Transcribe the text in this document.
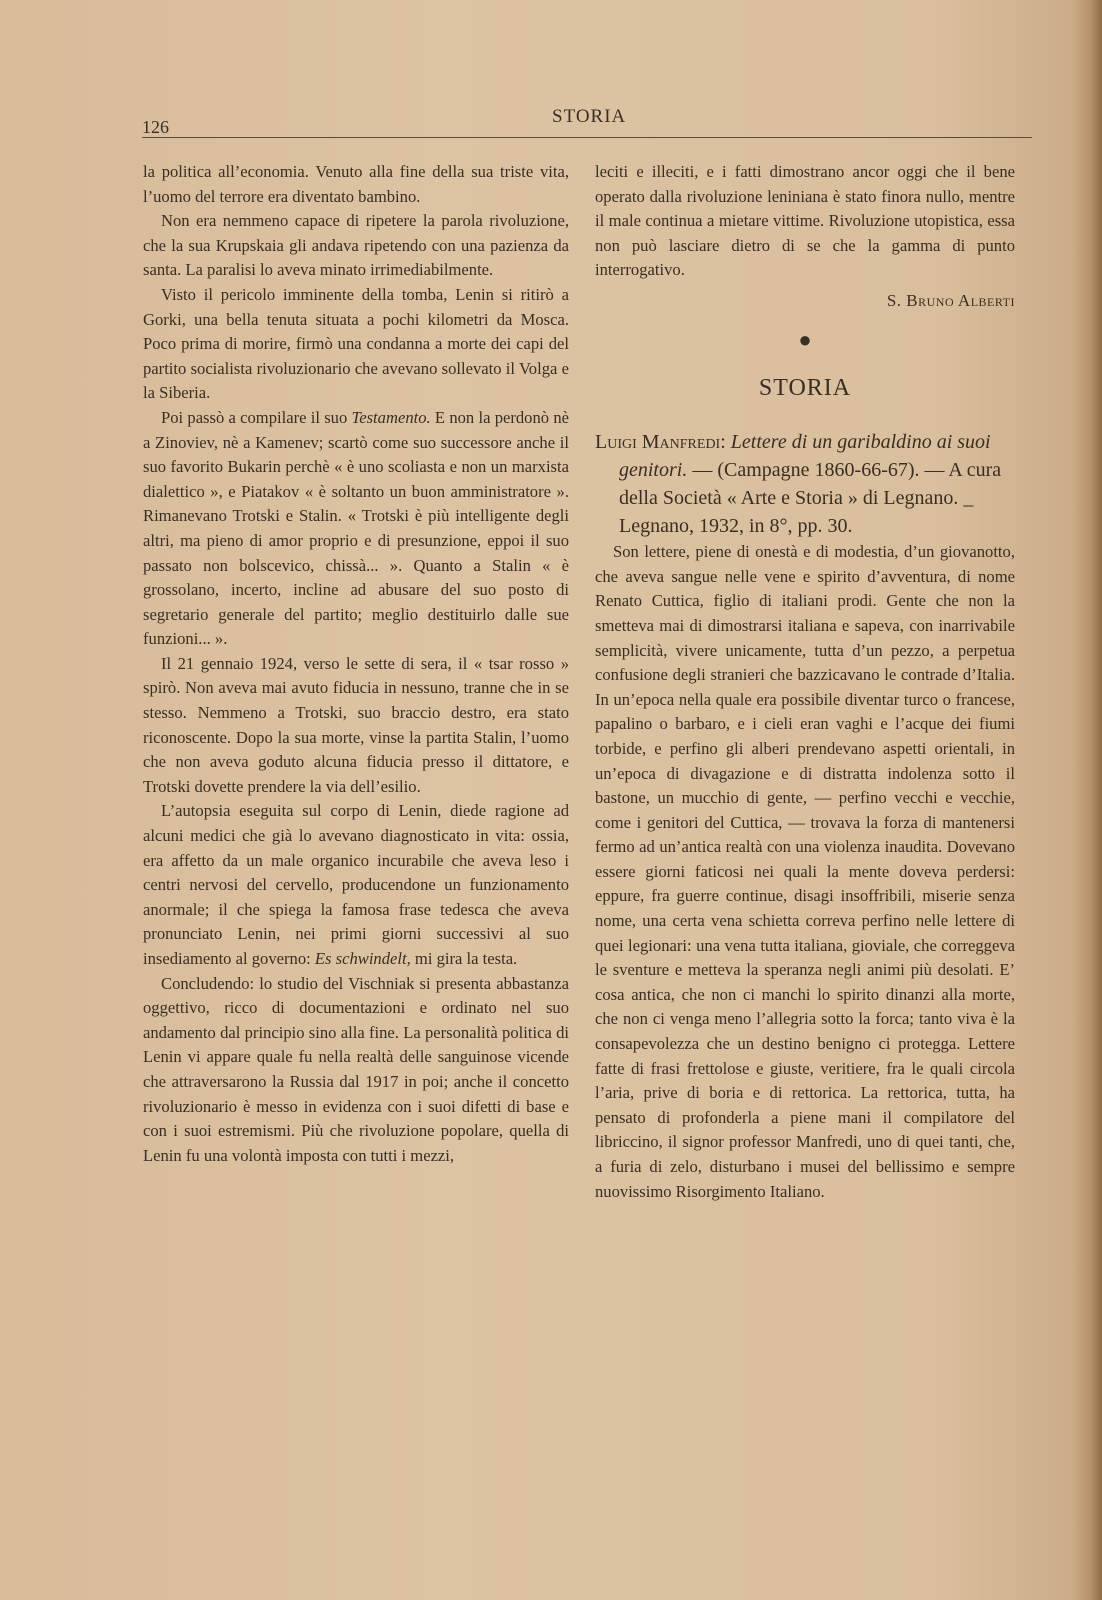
126	STORIA

la politica all’economia. Venuto alla fine della sua triste vita, l’uomo del terrore era diventato bambino.

Non era nemmeno capace di ripetere la parola rivoluzione, che la sua Krupskaia gli andava ripetendo con una pazienza da santa. La paralisi lo aveva minato irrimediabilmente.

Visto il pericolo imminente della tomba, Lenin si ritirò a Gorki, una bella tenuta situata a pochi kilometri da Mosca. Poco prima di morire, firmò una condanna a morte dei capi del partito socialista rivoluzionario che avevano sollevato il Volga e la Siberia.

Poi passò a compilare il suo Testamento. E non la perdonò nè a Zinoviev, nè a Kamenev; scartò come suo successore anche il suo favorito Bukarin perchè « è uno scoliasta e non un marxista dialettico », e Piatakov « è soltanto un buon amministratore ». Rimanevano Trotski e Stalin. « Trotski è più intelligente degli altri, ma pieno di amor proprio e di presunzione, eppoi il suo passato non bolscevico, chissà... ». Quanto a Stalin « è grossolano, incerto, incline ad abusare del suo posto di segretario generale del partito; meglio destituirlo dalle sue funzioni... ».

Il 21 gennaio 1924, verso le sette di sera, il « tsar rosso » spirò. Non aveva mai avuto fiducia in nessuno, tranne che in se stesso. Nemmeno a Trotski, suo braccio destro, era stato riconoscente. Dopo la sua morte, vinse la partita Stalin, l’uomo che non aveva goduto alcuna fiducia presso il dittatore, e Trotski dovette prendere la via dell’esilio.

L’autopsia eseguita sul corpo di Lenin, diede ragione ad alcuni medici che già lo avevano diagnosticato in vita: ossia, era affetto da un male organico incurabile che aveva leso i centri nervosi del cervello, producendone un funzionamento anormale; il che spiega la famosa frase tedesca che aveva pronunciato Lenin, nei primi giorni successivi al suo insediamento al governo: Es schwindelt, mi gira la testa.

Concludendo: lo studio del Vischniak si presenta abbastanza oggettivo, ricco di documentazioni e ordinato nel suo andamento dal principio sino alla fine. La personalità politica di Lenin vi appare quale fu nella realtà delle sanguinose vicende che attraversarono la Russia dal 1917 in poi; anche il concetto rivoluzionario è messo in evidenza con i suoi difetti di base e con i suoi estremismi. Più che rivoluzione popolare, quella di Lenin fu una volontà imposta con tutti i mezzi,

leciti e illeciti, e i fatti dimostrano ancor oggi che il bene operato dalla rivoluzione leniniana è stato finora nullo, mentre il male continua a mietare vittime. Rivoluzione utopistica, essa non può lasciare dietro di se che la gamma di punto interrogativo.

S. Bruno Alberti
●
STORIA
Luigi Manfredi: Lettere di un garibaldino ai suoi genitori. — (Campagne 1860-66-67). — A cura della Società « Arte e Storia » di Legnano. _ Legnano, 1932, in 8°, pp. 30.

Son lettere, piene di onestà e di modestia, d’un giovanotto, che aveva sangue nelle vene e spirito d’avventura, di nome Renato Cuttica, figlio di italiani prodi. Gente che non la smetteva mai di dimostrarsi italiana e sapeva, con inarrivabile semplicità, vivere unicamente, tutta d’un pezzo, a perpetua confusione degli stranieri che bazzicavano le contrade d’Italia. In un’epoca nella quale era possibile diventar turco o francese, papalino o barbaro, e i cieli eran vaghi e l’acque dei fiumi torbide, e perfino gli alberi prendevano aspetti orientali, in un’epoca di divagazione e di distratta indolenza sotto il bastone, un mucchio di gente, — perfino vecchi e vecchie, come i genitori del Cuttica, — trovava la forza di mantenersi fermo ad un’antica realtà con una violenza inaudita. Dovevano essere giorni faticosi nei quali la mente doveva perdersi: eppure, fra guerre continue, disagi insoffribili, miserie senza nome, una certa vena schietta correva perfino nelle lettere di quei legionari: una vena tutta italiana, gioviale, che correggeva le sventure e metteva la speranza negli animi più desolati. E’ cosa antica, che non ci manchi lo spirito dinanzi alla morte, che non ci venga meno l’allegria sotto la forca; tanto viva è la consapevolezza che un destino benigno ci protegga. Lettere fatte di frasi frettolose e giuste, veritiere, fra le quali circola l’aria, prive di boria e di rettorica. La rettorica, tutta, ha pensato di profonderla a piene mani il compilatore del libriccino, il signor professor Manfredi, uno di quei tanti, che, a furia di zelo, disturbano i musei del bellissimo e sempre nuovissimo Risorgimento Italiano.
